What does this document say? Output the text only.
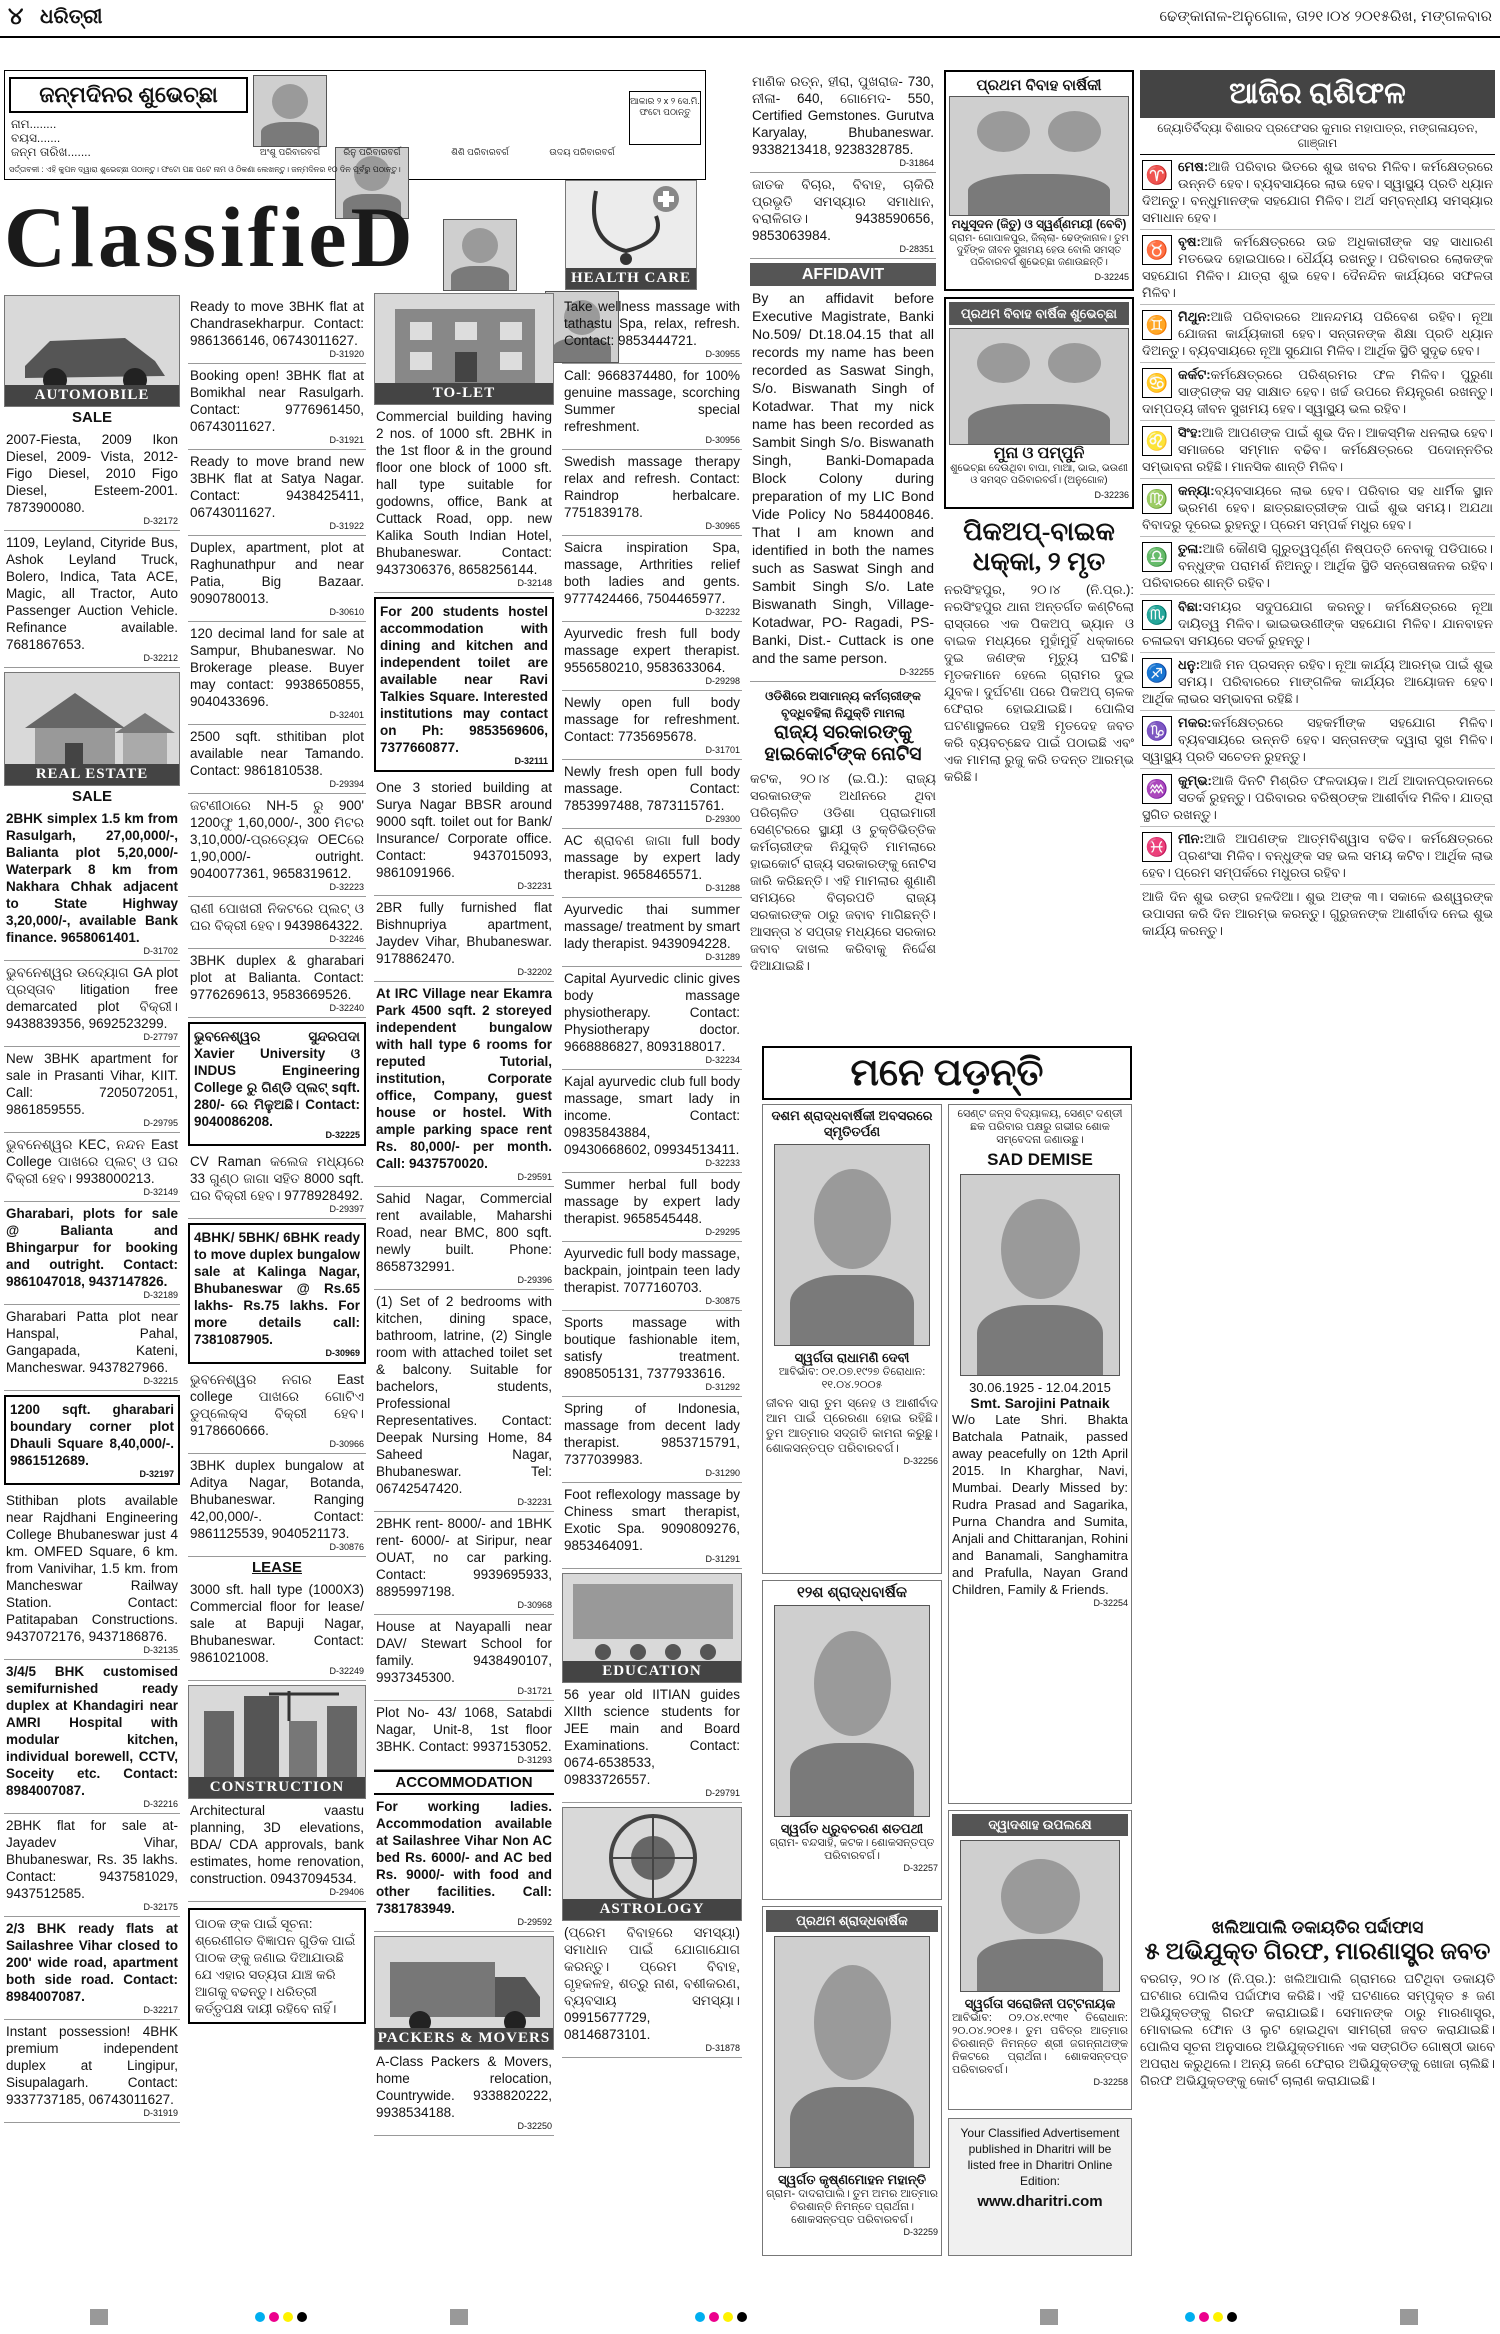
୪ ଧରିତ୍ରୀ	ଢେଙ୍କାନାଳ-ଅନୁଗୋଳ, ତା୨୧।୦୪ ୨୦୧୫ରିଖ, ମଙ୍ଗଳବାର
ଜନ୍ମଦିନର ଶୁଭେଚ୍ଛା
ନାମ........
ବୟସ.......
ଜନ୍ମ ତାରିଖ.......	ଅଂଶୁ ପରିବାରବର୍ଗ	ରିନୁ ପରିବାରବର୍ଗ	ଶିଶି ପରିବାରବର୍ଗ	ଉଦୟ ପରିବାରବର୍ଗ
ଆକାର ୨ x ୨ ସେ.ମି. ଫଟୋ ପଠାନ୍ତୁ
ସର୍ତ୍ତାବଳୀ : ଏହି କୁପନ ଦ୍ୱାରା ଶୁଭେଚ୍ଛା ପଠାନ୍ତୁ। ଫଟୋ ପଛ ପଟେ ନାମ ଓ ଠିକଣା ଲେଖନ୍ତୁ। ଜନ୍ମଦିନର ୧୦ ଦିନ ପୂର୍ବରୁ ପଠାନ୍ତୁ।
ClassifieD	HEALTH CARE
AUTOMOBILE
SALE
2007-Fiesta, 2009 Ikon Diesel, 2009- Vista, 2012- Figo Diesel, 2010 Figo Diesel, Esteem-2001. 7873900080.
D-32172
1109, Leyland, Cityride Bus, Ashok Leyland Truck, Bolero, Indica, Tata ACE, Magic, all Tractor, Auto Passenger Auction Vehicle. Refinance available. 7681867653.
D-32212
REAL ESTATE
SALE
2BHK simplex 1.5 km from Rasulgarh, 27,00,000/-, Balianta plot 5,20,000/- Waterpark 8 km from Nakhara Chhak adjacent to State Highway 3,20,000/-, available Bank finance. 9658061401.
D-31702
ଭୁବନେଶ୍ୱର ଉଦ୍ୟୋଗ GA plot ପ୍ରସ୍ତାବ litigation free demarcated plot ବିକ୍ରୀ। 9438839356, 9692523299.
D-27797
New 3BHK apartment for sale in Prasanti Vihar, KIIT. Call: 7205072051, 9861859555.
D-29795
ଭୁବନେଶ୍ୱର KEC, ନନ୍ଦନ East College ପାଖରେ ପ୍ଲଟ୍ ଓ ଘର ବିକ୍ରୀ ହେବ। 9938000213.
D-32149
Gharabari, plots for sale @ Balianta and Bhingarpur for booking and outright. Contact: 9861047018, 9437147826.
D-32189
Gharabari Patta plot near Hanspal, Pahal, Gangapada, Kateni, Mancheswar. 9437827966.
D-32215
1200 sqft. gharabari boundary corner plot Dhauli Square 8,40,000/-. 9861512689.
D-32197
Stithiban plots available near Rajdhani Engineering College Bhubaneswar just 4 km. OMFED Square, 6 km. from Vanivihar, 1.5 km. from Mancheswar Railway Station. Contact: Patitapaban Constructions. 9437072176, 9437186876.
D-32135
3/4/5 BHK customised semifurnished ready duplex at Khandagiri near AMRI Hospital with modular kitchen, individual borewell, CCTV, Soceity etc. Contact: 8984007087.
D-32216
2BHK flat for sale at- Jayadev Vihar, Bhubaneswar, Rs. 35 lakhs. Contact: 9437581029, 9437512585.
D-32175
2/3 BHK ready flats at Sailashree Vihar closed to 200' wide road, apartment both side road. Contact: 8984007087.
D-32217
Instant possession! 4BHK premium independent duplex at Lingipur, Sisupalagarh. Contact: 9337737185, 06743011627.
D-31919
Ready to move 3BHK flat at Chandrasekharpur. Contact: 9861366146, 06743011627.
D-31920
Booking open! 3BHK flat at Bomikhal near Rasulgarh. Contact: 9776961450, 06743011627.
D-31921
Ready to move brand new 3BHK flat at Satya Nagar. Contact: 9438425411, 06743011627.
D-31922
Duplex, apartment, plot at Raghunathpur and near Patia, Big Bazaar. 9090780013.
D-30610
120 decimal land for sale at Sampur, Bhubaneswar. No Brokerage please. Buyer may contact: 9938650855, 9040433696.
D-32401
2500 sqft. sthitiban plot available near Tamando. Contact: 9861810538.
D-29394
ଜଟଣୀଠାରେ NH-5 ରୁ 900' 1200ଫୁ 1,60,000/-, 300 ମିଟର 3,10,000/-ପ୍ରତ୍ୟେକ OECରେ 1,90,000/- outright. 9040077361, 9658319612.
D-32223
ରାଣୀ ପୋଖରୀ ନିକଟରେ ପ୍ଲଟ୍ ଓ ଘର ବିକ୍ରୀ ହେବ। 9439864322.
D-32246
3BHK duplex & gharabari plot at Balianta. Contact: 9776269613, 9583669526.
D-32240
ଭୁବନେଶ୍ୱର ସୁନ୍ଦରପଦା Xavier University ଓ INDUS Engineering College ରୁ ଗିଣ୍ଡି ପ୍ଲଟ୍ sqft. 280/- ରେ ମିଳୁଅଛି। Contact: 9040086208.
D-32225
CV Raman କଲେଜ ମଧ୍ୟରେ 33 ଗୁଣ୍ଠ ଜାଗା ସହିତ 8000 sqft. ଘର ବିକ୍ରୀ ହେବ। 9778928492.
D-29397
4BHK/ 5BHK/ 6BHK ready to move duplex bungalow sale at Kalinga Nagar, Bhubaneswar @ Rs.65 lakhs- Rs.75 lakhs. For more details call: 7381087905.
D-30969
ଭୁବନେଶ୍ୱର ନଗର East college ପାଖରେ ଗୋଟିଏ ଡୁପ୍ଲେକ୍ସ ବିକ୍ରୀ ହେବ। 9178660666.
D-30966
3BHK duplex bungalow at Aditya Nagar, Botanda, Bhubaneswar. Ranging 42,00,000/-. Contact: 9861125539, 9040521173.
D-30876
LEASE
3000 sft. hall type (1000X3) Commercial floor for lease/ sale at Bapuji Nagar, Bhubaneswar. Contact: 9861021008.
D-32249
CONSTRUCTION
Architectural vaastu planning, 3D elevations, BDA/ CDA approvals, bank estimates, home renovation, construction. 09437094534.
D-29406
ପାଠକ ଙ୍କ ପାଇଁ ସୂଚନା: ଶ୍ରେଣୀଗତ ବିଜ୍ଞାପନ ଗୁଡିକ ପାଇଁ ପାଠକ ଙ୍କୁ ଜଣାଇ ଦିଆଯାଉଛି ଯେ ଏହାର ସତ୍ୟତା ଯାଞ୍ଚ କରି ଆଗକୁ ବଢନ୍ତୁ। ଧରିତ୍ରୀ କର୍ତ୍ତୃପକ୍ଷ ଦାୟୀ ରହିବେ ନାହିଁ।
TO-LET
Commercial building having 2 nos. of 1000 sft. 2BHK in the 1st floor & in the ground floor one block of 1000 sft. hall type suitable for godowns, office, Bank at Cuttack Road, opp. new Kalika South Indian Hotel, Bhubaneswar. Contact: 9437306376, 8658256144.
D-32148
For 200 students hostel accommodation with dining and kitchen and independent toilet are available near Ravi Talkies Square. Interested institutions may contact on Ph: 9853569606, 7377660877.
D-32111
One 3 storied building at Surya Nagar BBSR around 9000 sqft. toilet out for Bank/ Insurance/ Corporate office. Contact: 9437015093, 9861091966.
D-32231
2BR fully furnished flat Bishnupriya apartment, Jaydev Vihar, Bhubaneswar. 9178862470.
D-32202
At IRC Village near Ekamra Park 4500 sqft. 2 storeyed independent bungalow with hall type 6 rooms for reputed Tutorial, institution, Corporate office, Company, guest house or hostel. With ample parking space rent Rs. 80,000/- per month. Call: 9437570020.
D-29591
Sahid Nagar, Commercial rent available, Maharshi Road, near BMC, 800 sqft. newly built. Phone: 8658732991.
D-29396
(1) Set of 2 bedrooms with kitchen, dining space, bathroom, latrine, (2) Single room with attached toilet set & balcony. Suitable for bachelors, students, Professional Representatives. Contact: Deepak Nursing Home, 84 Saheed Nagar, Bhubaneswar. Tel: 06742547420.
D-32231
2BHK rent- 8000/- and 1BHK rent- 6000/- at Siripur, near OUAT, no car parking. Contact: 9939695933, 8895997198.
D-30968
House at Nayapalli near DAV/ Stewart School for family. 9438490107, 9937345300.
D-31721
Plot No- 43/ 1068, Satabdi Nagar, Unit-8, 1st floor 3BHK. Contact: 9937153052.
D-31293
ACCOMMODATION
For working ladies. Accommodation available at Sailashree Vihar Non AC bed Rs. 6000/- and AC bed Rs. 9000/- with food and other facilities. Call: 7381783949.
D-29592
PACKERS & MOVERS
A-Class Packers & Movers, home relocation, Countrywide. 9338820222, 9938534188.
D-32250
Take wellness massage with tathastu Spa, relax, refresh. Contact: 9853444721.
D-30955
Call: 9668374480, for 100% genuine massage, scorching Summer special refreshment.
D-30956
Swedish massage therapy relax and refresh. Contact: Raindrop herbalcare. 7751839178.
D-30965
Saicra inspiration Spa, massage, Arthrities relief both ladies and gents. 9777424466, 7504465977.
D-32232
Ayurvedic fresh full body massage expert therapist. 9556580210, 9583633064.
D-29298
Newly open full body massage for refreshment. Contact: 7735695678.
D-31701
Newly fresh open full body massage. Contact: 7853997488, 7873115761.
D-29300
AC ଶ୍ରାବଣ ଜାଗା full body massage by expert lady therapist. 9658465571.
D-31288
Ayurvedic thai summer massage/ treatment by smart lady therapist. 9439094228.
D-31289
Capital Ayurvedic clinic gives body massage physiotherapy. Contact: Physiotherapy doctor. 9668886827, 8093188017.
D-32234
Kajal ayurvedic club full body massage, smart lady in income. Contact: 09835843884, 09430668602, 09934513411.
D-32233
Summer herbal full body massage by expert lady therapist. 9658545448.
D-29295
Ayurvedic full body massage, backpain, jointpain teen lady therapist. 7077160703.
D-30875
Sports massage with boutique fashionable item, satisfy treatment. 8908505131, 7377933616.
D-31292
Spring of Indonesia, massage from decent lady therapist. 9853715791, 7377039983.
D-31290
Foot reflexology massage by Chiness smart therapist, Exotic Spa. 9090809276, 9853464091.
D-31291
EDUCATION
56 year old IITIAN guides XIIth science students for JEE main and Board Examinations. Contact: 0674-6538533, 09833726557.
D-29791
ASTROLOGY
(ପ୍ରେମ ବିବାହରେ ସମସ୍ୟା) ସମାଧାନ ପାଇଁ ଯୋଗାଯୋଗ କରନ୍ତୁ। ପ୍ରେମ ବିବାହ, ଗୃହକଳହ, ଶତ୍ରୁ ନାଶ, ବଶୀକରଣ, ବ୍ୟବସାୟ ସମସ୍ୟା। 09915677729, 08146873101.
D-31878
ମାଣିକ ରତ୍ନ, ହୀରା, ପୁଖରାଜ- 730, ନୀଳା- 640, ଗୋମେଦ- 550, Certified Gemstones. Gurutva Karyalay, Bhubaneswar. 9338213418, 9238328785.
D-31864
ଜାତକ ବିଚାର, ବିବାହ, ଚାକିରି ପ୍ରଭୃତି ସମସ୍ୟାର ସମାଧାନ, ବରାଳିଗଡ। 9438590656, 9853063984.
D-28351
AFFIDAVIT
By an affidavit before Executive Magistrate, Banki No.509/ Dt.18.04.15 that all records my name has been recorded as Saswat Singh, S/o. Biswanath Singh of Kotadwar. That my nick name has been recorded as Sambit Singh S/o. Biswanath Singh, Banki-Domapada Block Colony during preparation of my LIC Bond Vide Policy No 584400846. That I am known and identified in both the names such as Saswat Singh and Sambit Singh S/o. Late Biswanath Singh, Village- Kotadwar, PO- Ragadi, PS- Banki, Dist.- Cuttack is one and the same person.
D-32255
ଓଡିଶିରେ ଅସାମାନ୍ୟ କର୍ମଚାରୀଙ୍କ ବୃଦ୍ଧିବହିଲା ନିଯୁକ୍ତି ମାମଲା
ରାଜ୍ୟ ସରକାରଙ୍କୁ ହାଇକୋର୍ଟଙ୍କ ନୋଟିସ
କଟକ, ୨୦।୪ (ଇ.ପି.): ରାଜ୍ୟ ସରକାରଙ୍କ ଅଧୀନରେ ଥିବା ପରିଚାଳିତ ଓଡିଶା ପ୍ରାଇମାରୀ ସେଣ୍ଟରରେ ସ୍ଥାୟୀ ଓ ଚୁକ୍ତିଭିତ୍ତିକ କର୍ମଚାରୀଙ୍କ ନିଯୁକ୍ତି ମାମଲାରେ ହାଇକୋର୍ଟ ରାଜ୍ୟ ସରକାରଙ୍କୁ ନୋଟିସ ଜାରି କରିଛନ୍ତି। ଏହି ମାମଲାର ଶୁଣାଣି ସମୟରେ ବିଚାରପତି ରାଜ୍ୟ ସରକାରଙ୍କ ଠାରୁ ଜବାବ ମାଗିଛନ୍ତି। ଆସନ୍ତା ୪ ସପ୍ତାହ ମଧ୍ୟରେ ସରକାର ଜବାବ ଦାଖଲ କରିବାକୁ ନିର୍ଦ୍ଦେଶ ଦିଆଯାଇଛି।
ପ୍ରଥମ ବିବାହ ବାର୍ଷିକୀ
ମଧୁସୂଦନ (ଜିତୁ) ଓ ସ୍ୱର୍ଣ୍ଣମୟୀ (ବେବି)
ଗ୍ରାମ- ଗୋପାଳପୁର, ଜିଲ୍ଲା- ଢେଙ୍କାନାଳ। ତୁମ ଦୁହିଁଙ୍କ ଜୀବନ ସୁଖମୟ ହେଉ ବୋଲି ସମସ୍ତ ପରିବାରବର୍ଗ ଶୁଭେଚ୍ଛା ଜଣାଉଛନ୍ତି।
D-32245
ପ୍ରଥମ ବିବାହ ବାର୍ଷିକ ଶୁଭେଚ୍ଛା
ମୁନା ଓ ପମ୍ପୁନି
ଶୁଭେଚ୍ଛା ଦେଉଥିବା ବାପା, ମାଆ, ଭାଇ, ଭଉଣୀ ଓ ସମସ୍ତ ପରିବାରବର୍ଗ। (ଅନୁଗୋଳ)
D-32236
ପିକଅପ୍-ବାଇକ ଧକ୍କା, ୨ ମୃତ
ନରସିଂହପୁର, ୨୦।୪ (ନି.ପ୍ର.): ନରସିଂହପୁର ଥାନା ଅନ୍ତର୍ଗତ କଣ୍ଟିଲୋ ରାସ୍ତାରେ ଏକ ପିକଅପ୍ ଭ୍ୟାନ ଓ ବାଇକ ମଧ୍ୟରେ ମୁହାଁମୁହିଁ ଧକ୍କାରେ ଦୁଇ ଜଣଙ୍କ ମୃତ୍ୟୁ ଘଟିଛି। ମୃତକମାନେ ହେଲେ ଗ୍ରାମର ଦୁଇ ଯୁବକ। ଦୁର୍ଘଟଣା ପରେ ପିକଅପ୍ ଚାଳକ ଫେରାର ହୋଇଯାଇଛି। ପୋଲିସ ଘଟଣାସ୍ଥଳରେ ପହଞ୍ଚି ମୃତଦେହ ଜବତ କରି ବ୍ୟବଚ୍ଛେଦ ପାଇଁ ପଠାଇଛି ଏବଂ ଏକ ମାମଲା ରୁଜୁ କରି ତଦନ୍ତ ଆରମ୍ଭ କରିଛି।
ମନେ ପଡ଼ନ୍ତି
ଦଶମ ଶ୍ରାଦ୍ଧବାର୍ଷିକୀ ଅବସରରେ ସ୍ମୃତିତର୍ପଣ
ସ୍ୱର୍ଗତା ରାଧାମଣି ଦେବୀ
ଆବିର୍ଭାବ: ୦୧.୦୭.୧୯୨୭ ତିରୋଧାନ: ୧୧.୦୪.୨୦୦୫
ଜୀବନ ସାରା ତୁମ ସ୍ନେହ ଓ ଆଶୀର୍ବାଦ ଆମ ପାଇଁ ପ୍ରେରଣା ହୋଇ ରହିଛି। ତୁମ ଆତ୍ମାର ସଦ୍‌ଗତି କାମନା କରୁଛୁ। ଶୋକସନ୍ତପ୍ତ ପରିବାରବର୍ଗ।
D-32256
ସେଣ୍ଟ ଜନ୍‌ସ ବିଦ୍ୟାଳୟ, ସେଣ୍ଟ ଦଣ୍ଡୀ ଛକ ପରିବାର ପକ୍ଷରୁ ଗଭୀର ଶୋକ ସମ୍ବେଦନା ଜଣାଉଛୁ।
SAD DEMISE
30.06.1925 - 12.04.2015
Smt. Sarojini Patnaik
W/o Late Shri. Bhakta Batchala Patnaik, passed away peacefully on 12th April 2015. In Kharghar, Navi, Mumbai. Dearly Missed by: Rudra Prasad and Sagarika, Purna Chandra and Sumita, Anjali and Chittaranjan, Rohini and Banamali, Sanghamitra and Prafulla, Nayan Grand Children, Family & Friends.
D-32254
୧୨ଶ ଶ୍ରାଦ୍ଧବାର୍ଷିକ
ସ୍ୱର୍ଗତ ଧ୍ରୁବଚରଣ ଶତପଥୀ
ଗ୍ରାମ- ବନ୍ଦସାହି, କଟକ। ଶୋକସନ୍ତପ୍ତ ପରିବାରବର୍ଗ।
D-32257
ଦ୍ୱାଦଶାହ ଉପଲକ୍ଷେ
ସ୍ୱର୍ଗତା ସରୋଜିନୀ ପଟ୍ଟନାୟକ
ଆବିର୍ଭାବ: ୦୨.୦୪.୧୯୩୧ ତିରୋଧାନ: ୨୦.୦୪.୨୦୧୫। ତୁମ ପବିତ୍ର ଆତ୍ମାର ଚିରଶାନ୍ତି ନିମନ୍ତେ ଶ୍ରୀ ଜଗନ୍ନାଥଙ୍କ ନିକଟରେ ପ୍ରାର୍ଥନା। ଶୋକସନ୍ତପ୍ତ ପରିବାରବର୍ଗ।
D-32258
ପ୍ରଥମ ଶ୍ରାଦ୍ଧବାର୍ଷିକ
ସ୍ୱର୍ଗତ କୃଷ୍ଣମୋହନ ମହାନ୍ତି
ଗ୍ରାମ- ଦାଦରାପାଲି। ତୁମ ଅମର ଆତ୍ମାର ଚିରଶାନ୍ତି ନିମନ୍ତେ ପ୍ରାର୍ଥନା। ଶୋକସନ୍ତପ୍ତ ପରିବାରବର୍ଗ।
D-32259
Your Classified Advertisement published in Dharitri will be listed free in Dharitri Online Edition:
www.dharitri.com
ଆଜିର ରାଶିଫଳ
ଜ୍ୟୋତିର୍ବିଦ୍ୟା ବିଶାରଦ ପ୍ରଫେସର କୁମାର ମହାପାତ୍ର, ମଙ୍ଗଳାୟତନ, ଗାଞ୍ଜାମ
♈ ମେଷ:ଆଜି ପରିବାର ଭିତରେ ଶୁଭ ଖବର ମିଳିବ। କର୍ମକ୍ଷେତ୍ରରେ ଉନ୍ନତି ହେବ। ବ୍ୟବସାୟରେ ଲାଭ ହେବ। ସ୍ୱାସ୍ଥ୍ୟ ପ୍ରତି ଧ୍ୟାନ ଦିଅନ୍ତୁ। ବନ୍ଧୁମାନଙ୍କ ସହଯୋଗ ମିଳିବ। ଅର୍ଥ ସମ୍ବନ୍ଧୀୟ ସମସ୍ୟାର ସମାଧାନ ହେବ।
♉ ବୃଷ:ଆଜି କର୍ମକ୍ଷେତ୍ରରେ ଉଚ୍ଚ ଅଧିକାରୀଙ୍କ ସହ ସାଧାରଣ ମତଭେଦ ହୋଇପାରେ। ଧୈର୍ଯ୍ୟ ରଖନ୍ତୁ। ପରିବାରର ଲୋକଙ୍କ ସହଯୋଗ ମିଳିବ। ଯାତ୍ରା ଶୁଭ ହେବ। ଦୈନନ୍ଦିନ କାର୍ଯ୍ୟରେ ସଫଳତା ମିଳିବ।
♊ ମିଥୁନ:ଆଜି ପରିବାରରେ ଆନନ୍ଦମୟ ପରିବେଶ ରହିବ। ନୂଆ ଯୋଜନା କାର୍ଯ୍ୟକାରୀ ହେବ। ସନ୍ତାନଙ୍କ ଶିକ୍ଷା ପ୍ରତି ଧ୍ୟାନ ଦିଅନ୍ତୁ। ବ୍ୟବସାୟରେ ନୂଆ ସୁଯୋଗ ମିଳିବ। ଆର୍ଥିକ ସ୍ଥିତି ସୁଦୃଢ ହେବ।
♋ କର୍କଟ:କର୍ମକ୍ଷେତ୍ରରେ ପରିଶ୍ରମର ଫଳ ମିଳିବ। ପୁରୁଣା ସାଙ୍ଗଙ୍କ ସହ ସାକ୍ଷାତ ହେବ। ଖର୍ଚ୍ଚ ଉପରେ ନିୟନ୍ତ୍ରଣ ରଖନ୍ତୁ। ଦାମ୍ପତ୍ୟ ଜୀବନ ସୁଖମୟ ହେବ। ସ୍ୱାସ୍ଥ୍ୟ ଭଲ ରହିବ।
♌ ସିଂହ:ଆଜି ଆପଣଙ୍କ ପାଇଁ ଶୁଭ ଦିନ। ଆକସ୍ମିକ ଧନଲାଭ ହେବ। ସମାଜରେ ସମ୍ମାନ ବଢିବ। କର୍ମକ୍ଷେତ୍ରରେ ପଦୋନ୍ନତିର ସମ୍ଭାବନା ରହିଛି। ମାନସିକ ଶାନ୍ତି ମିଳିବ।
♍ କନ୍ୟା:ବ୍ୟବସାୟରେ ଲାଭ ହେବ। ପରିବାର ସହ ଧାର୍ମିକ ସ୍ଥାନ ଭ୍ରମଣ ହେବ। ଛାତ୍ରଛାତ୍ରୀଙ୍କ ପାଇଁ ଶୁଭ ସମୟ। ଅଯଥା ବିବାଦରୁ ଦୂରେଇ ରୁହନ୍ତୁ। ପ୍ରେମ ସମ୍ପର୍କ ମଧୁର ହେବ।
♎ ତୁଳା:ଆଜି କୌଣସି ଗୁରୁତ୍ୱପୂର୍ଣ୍ଣ ନିଷ୍ପତ୍ତି ନେବାକୁ ପଡିପାରେ। ବନ୍ଧୁଙ୍କ ପରାମର୍ଶ ନିଅନ୍ତୁ। ଆର୍ଥିକ ସ୍ଥିତି ସନ୍ତୋଷଜନକ ରହିବ। ପରିବାରରେ ଶାନ୍ତି ରହିବ।
♏ ବିଛା:ସମୟର ସଦୁପଯୋଗ କରନ୍ତୁ। କର୍ମକ୍ଷେତ୍ରରେ ନୂଆ ଦାୟିତ୍ୱ ମିଳିବ। ଭାଇଭଉଣୀଙ୍କ ସହଯୋଗ ମିଳିବ। ଯାନବାହନ ଚଳାଇବା ସମୟରେ ସତର୍କ ରୁହନ୍ତୁ।
♐ ଧନୁ:ଆଜି ମନ ପ୍ରସନ୍ନ ରହିବ। ନୂଆ କାର୍ଯ୍ୟ ଆରମ୍ଭ ପାଇଁ ଶୁଭ ସମୟ। ପରିବାରରେ ମାଙ୍ଗଳିକ କାର୍ଯ୍ୟର ଆୟୋଜନ ହେବ। ଆର୍ଥିକ ଲାଭର ସମ୍ଭାବନା ରହିଛି।
♑ ମକର:କର୍ମକ୍ଷେତ୍ରରେ ସହକର୍ମୀଙ୍କ ସହଯୋଗ ମିଳିବ। ବ୍ୟବସାୟରେ ଉନ୍ନତି ହେବ। ସନ୍ତାନଙ୍କ ଦ୍ୱାରା ସୁଖ ମିଳିବ। ସ୍ୱାସ୍ଥ୍ୟ ପ୍ରତି ସଚେତନ ରୁହନ୍ତୁ।
♒ କୁମ୍ଭ:ଆଜି ଦିନଟି ମିଶ୍ରିତ ଫଳଦାୟକ। ଅର୍ଥ ଆଦାନପ୍ରଦାନରେ ସତର୍କ ରୁହନ୍ତୁ। ପରିବାରର ବରିଷ୍ଠଙ୍କ ଆଶୀର୍ବାଦ ମିଳିବ। ଯାତ୍ରା ସ୍ଥଗିତ ରଖନ୍ତୁ।
♓ ମୀନ:ଆଜି ଆପଣଙ୍କ ଆତ୍ମବିଶ୍ୱାସ ବଢିବ। କର୍ମକ୍ଷେତ୍ରରେ ପ୍ରଶଂସା ମିଳିବ। ବନ୍ଧୁଙ୍କ ସହ ଭଲ ସମୟ କଟିବ। ଆର୍ଥିକ ଲାଭ ହେବ। ପ୍ରେମ ସମ୍ପର୍କରେ ମଧୁରତା ରହିବ।
ଆଜି ଦିନ ଶୁଭ ରଙ୍ଗ ହଳଦିଆ। ଶୁଭ ଅଙ୍କ ୩। ସକାଳେ ଈଶ୍ୱରଙ୍କ ଉପାସନା କରି ଦିନ ଆରମ୍ଭ କରନ୍ତୁ। ଗୁରୁଜନଙ୍କ ଆଶୀର୍ବାଦ ନେଇ ଶୁଭ କାର୍ଯ୍ୟ କରନ୍ତୁ।
ଖଲିଆପାଲି ଡକାୟତିର ପର୍ଦ୍ଦାଫାସ
୫ ଅଭିଯୁକ୍ତ ଗିରଫ, ମାରଣାସ୍ତ୍ର ଜବତ
ବରଗଡ଼, ୨୦।୪ (ନି.ପ୍ର.): ଖଲିଆପାଲି ଗ୍ରାମରେ ଘଟିଥିବା ଡକାୟତି ଘଟଣାର ପୋଲିସ ପର୍ଦ୍ଦାଫାସ କରିଛି। ଏହି ଘଟଣାରେ ସମ୍ପୃକ୍ତ ୫ ଜଣ ଅଭିଯୁକ୍ତଙ୍କୁ ଗିରଫ କରାଯାଇଛି। ସେମାନଙ୍କ ଠାରୁ ମାରଣାସ୍ତ୍ର, ମୋବାଇଲ ଫୋନ ଓ ଲୁଟ ହୋଇଥିବା ସାମଗ୍ରୀ ଜବତ କରାଯାଇଛି। ପୋଲିସ ସୂଚନା ଅନୁସାରେ ଅଭିଯୁକ୍ତମାନେ ଏକ ସଙ୍ଗଠିତ ଗୋଷ୍ଠୀ ଭାବେ ଅପରାଧ କରୁଥିଲେ। ଅନ୍ୟ ଜଣେ ଫେରାର ଅଭିଯୁକ୍ତଙ୍କୁ ଖୋଜା ଚାଲିଛି। ଗିରଫ ଅଭିଯୁକ୍ତଙ୍କୁ କୋର୍ଟ ଚାଲାଣ କରାଯାଇଛି।
